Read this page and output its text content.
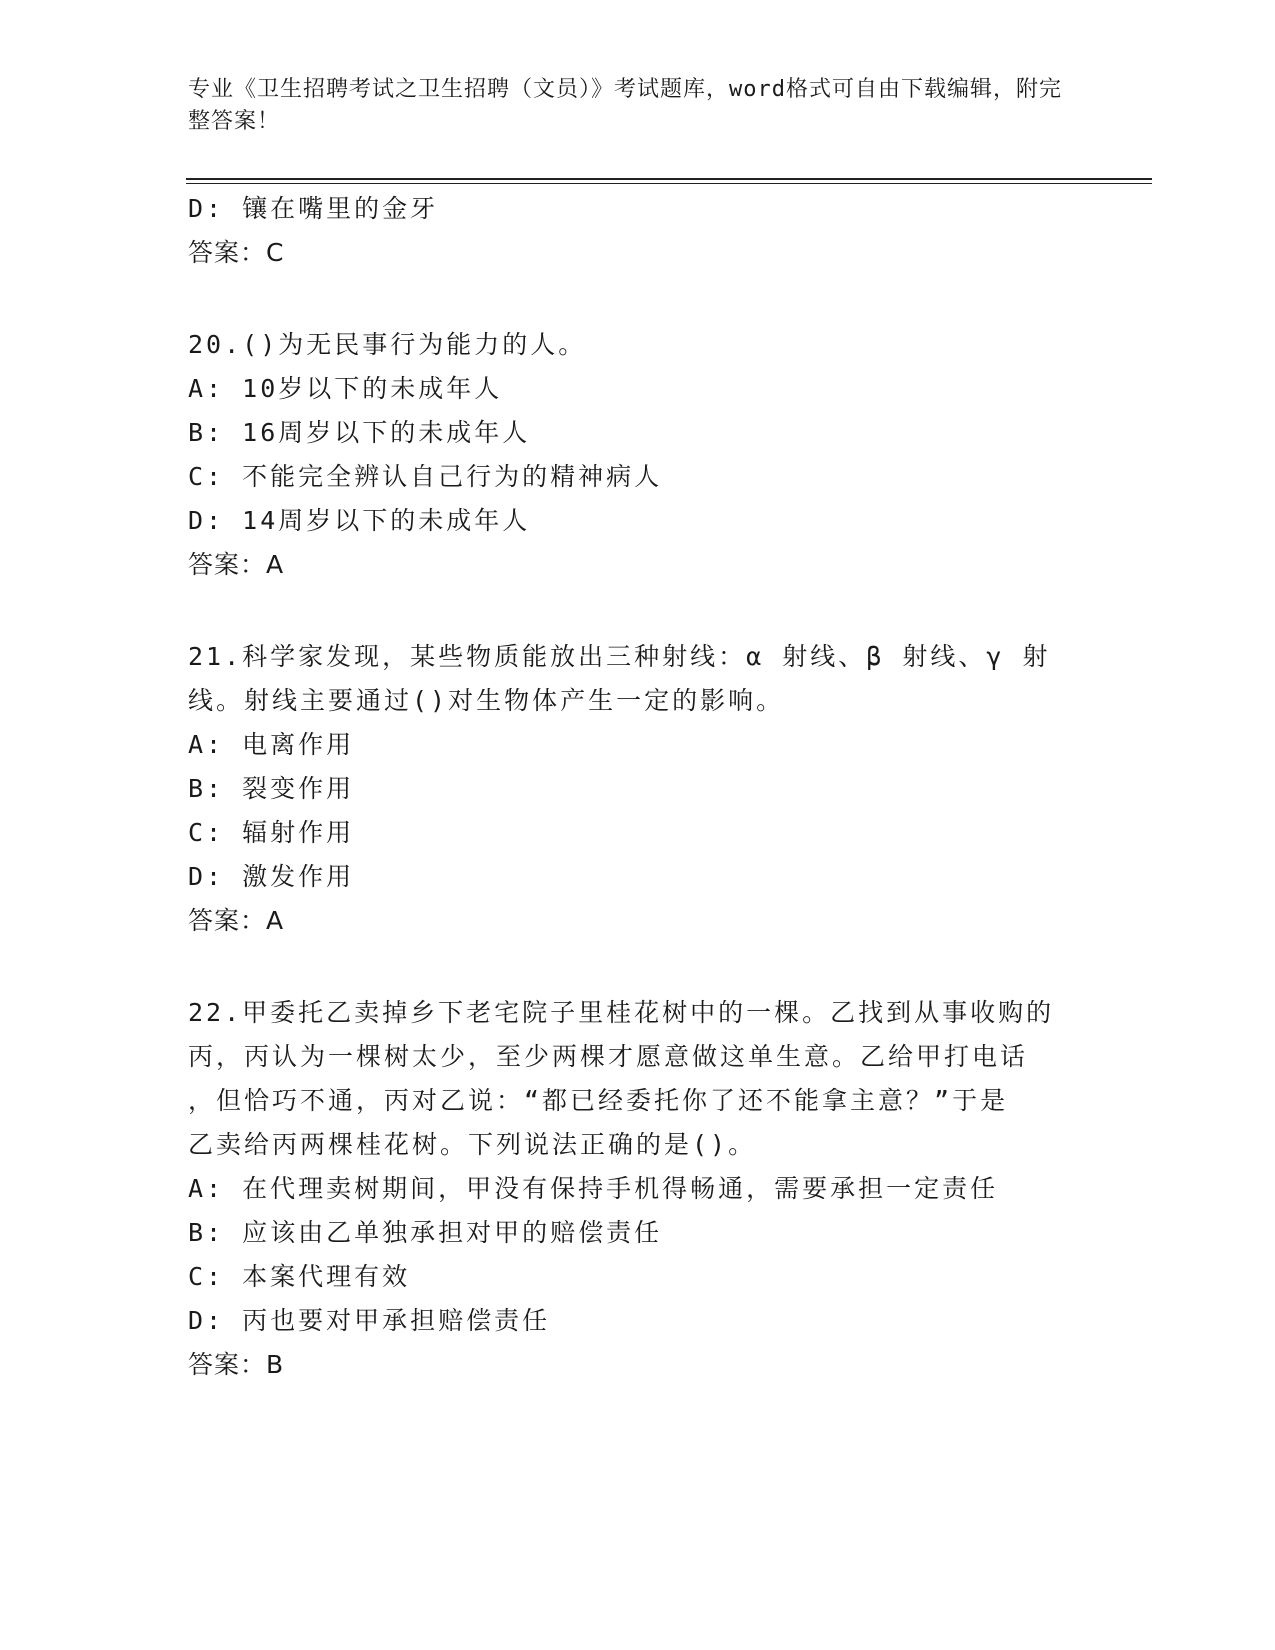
专业《卫生招聘考试之卫生招聘（文员）》考试题库，word格式可自由下载编辑，附完整答案！
D: 镶在嘴里的金牙
答案：C
20.()为无民事行为能力的人。
A: 10岁以下的未成年人
B: 16周岁以下的未成年人
C: 不能完全辨认自己行为的精神病人
D: 14周岁以下的未成年人
答案：A
21.科学家发现，某些物质能放出三种射线：α 射线、β 射线、γ 射
线。射线主要通过()对生物体产生一定的影响。
A: 电离作用
B: 裂变作用
C: 辐射作用
D: 激发作用
答案：A
22.甲委托乙卖掉乡下老宅院子里桂花树中的一棵。乙找到从事收购的
丙，丙认为一棵树太少，至少两棵才愿意做这单生意。乙给甲打电话
，但恰巧不通，丙对乙说：“都已经委托你了还不能拿主意？”于是
乙卖给丙两棵桂花树。下列说法正确的是()。
A: 在代理卖树期间，甲没有保持手机得畅通，需要承担一定责任
B: 应该由乙单独承担对甲的赔偿责任
C: 本案代理有效
D: 丙也要对甲承担赔偿责任
答案：B
